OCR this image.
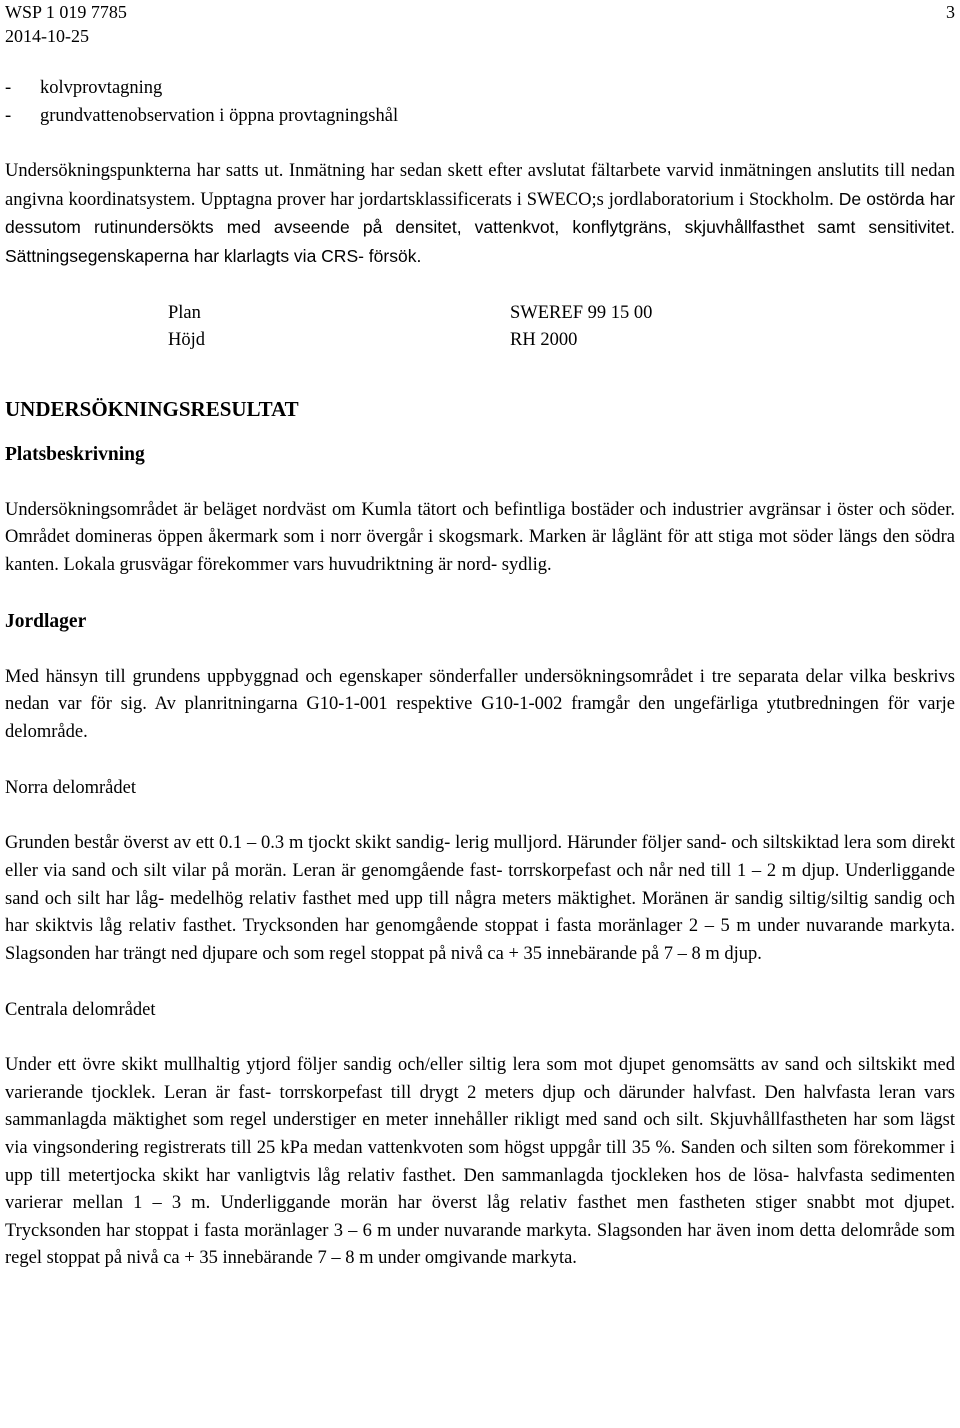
WSP 1 019 7785	3
2014-10-25
-	kolvprovtagning
-	grundvattenobservation i öppna provtagningshål

Undersökningspunkterna har satts ut. Inmätning har sedan skett efter avslutat fältarbete varvid inmätningen anslutits till nedan angivna koordinatsystem. Upptagna prover har jordartsklassificerats i SWECO;s jordlaboratorium i Stockholm. De ostörda har dessutom rutinundersökts med avseende på densitet, vattenkvot, konflytgräns, skjuvhållfasthet samt sensitivitet. Sättningsegenskaperna har klarlagts via CRS- försök.

Plan	SWEREF 99 15 00
Höjd	RH 2000
UNDERSÖKNINGSRESULTAT
Platsbeskrivning

Undersökningsområdet är beläget nordväst om Kumla tätort och befintliga bostäder och industrier avgränsar i öster och söder. Området domineras öppen åkermark som i norr övergår i skogsmark. Marken är låglänt för att stiga mot söder längs den södra kanten. Lokala grusvägar förekommer vars huvudriktning är nord- sydlig.

Jordlager

Med hänsyn till grundens uppbyggnad och egenskaper sönderfaller undersökningsområdet i tre separata delar vilka beskrivs nedan var för sig. Av planritningarna G10-1-001 respektive G10-1-002 framgår den ungefärliga ytutbredningen för varje delområde.

Norra delområdet

Grunden består överst av ett 0.1 – 0.3 m tjockt skikt sandig- lerig mulljord. Härunder följer sand- och siltskiktad lera som direkt eller via sand och silt vilar på morän. Leran är genomgående fast- torrskorpefast och når ned till 1 – 2 m djup. Underliggande sand och silt har låg- medelhög relativ fasthet med upp till några meters mäktighet. Moränen är sandig siltig/siltig sandig och har skiktvis låg relativ fasthet. Trycksonden har genomgående stoppat i fasta moränlager 2 – 5 m under nuvarande markyta. Slagsonden har trängt ned djupare och som regel stoppat på nivå ca + 35 innebärande på 7 – 8 m djup.

Centrala delområdet

Under ett övre skikt mullhaltig ytjord följer sandig och/eller siltig lera som mot djupet genomsätts av sand och siltskikt med varierande tjocklek. Leran är fast- torrskorpefast till drygt 2 meters djup och därunder halvfast. Den halvfasta leran vars sammanlagda mäktighet som regel understiger en meter innehåller rikligt med sand och silt. Skjuvhållfastheten har som lägst via vingsondering registrerats till 25 kPa medan vattenkvoten som högst uppgår till 35 %. Sanden och silten som förekommer i upp till metertjocka skikt har vanligtvis låg relativ fasthet. Den sammanlagda tjockleken hos de lösa- halvfasta sedimenten varierar mellan 1 – 3 m. Underliggande morän har överst låg relativ fasthet men fastheten stiger snabbt mot djupet. Trycksonden har stoppat i fasta moränlager 3 – 6 m under nuvarande markyta. Slagsonden har även inom detta delområde som regel stoppat på nivå ca + 35 innebärande 7 – 8 m under omgivande markyta.
